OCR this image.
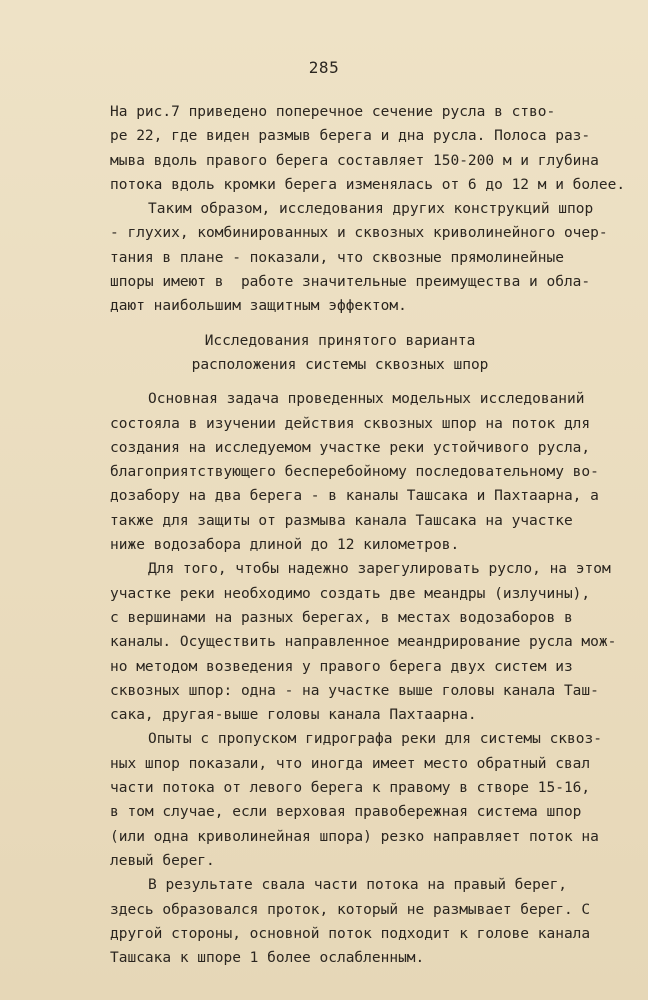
285
На рис.7 приведено поперечное сечение русла в ство-
ре 22, где виден размыв берега и дна русла. Полоса раз-
мыва вдоль правого берега составляет 150-200 м и глубина
потока вдоль кромки берега изменялась от 6 до 12 м и более.
Таким образом, исследования других конструкций шпор
- глухих, комбинированных и сквозных криволинейного очер-
тания в плане - показали, что сквозные прямолинейные
шпоры имеют в  работе значительные преимущества и обла-
дают наибольшим защитным эффектом.
Исследования принятого варианта
расположения системы сквозных шпор
Основная задача проведенных модельных исследований
состояла в изучении действия сквозных шпор на поток для
создания на исследуемом участке реки устойчивого русла,
благоприятствующего бесперебойному последовательному во-
дозабору на два берега - в каналы Ташсака и Пахтаарна, а
также для защиты от размыва канала Ташсака на участке
ниже водозабора длиной до 12 километров.
Для того, чтобы надежно зарегулировать русло, на этом
участке реки необходимо создать две меандры (излучины),
с вершинами на разных берегах, в местах водозаборов в
каналы. Осуществить направленное меандрирование русла мож-
но методом возведения у правого берега двух систем из
сквозных шпор: одна - на участке выше головы канала Таш-
сака, другая-выше головы канала Пахтаарна.
Опыты с пропуском гидрографа реки для системы сквоз-
ных шпор показали, что иногда имеет место обратный свал
части потока от левого берега к правому в створе 15-16,
в том случае, если верховая правобережная система шпор
(или одна криволинейная шпора) резко направляет поток на
левый берег.
В результате свала части потока на правый берег,
здесь образовался проток, который не размывает берег. С
другой стороны, основной поток подходит к голове канала
Ташсака к шпоре 1 более ослабленным.
